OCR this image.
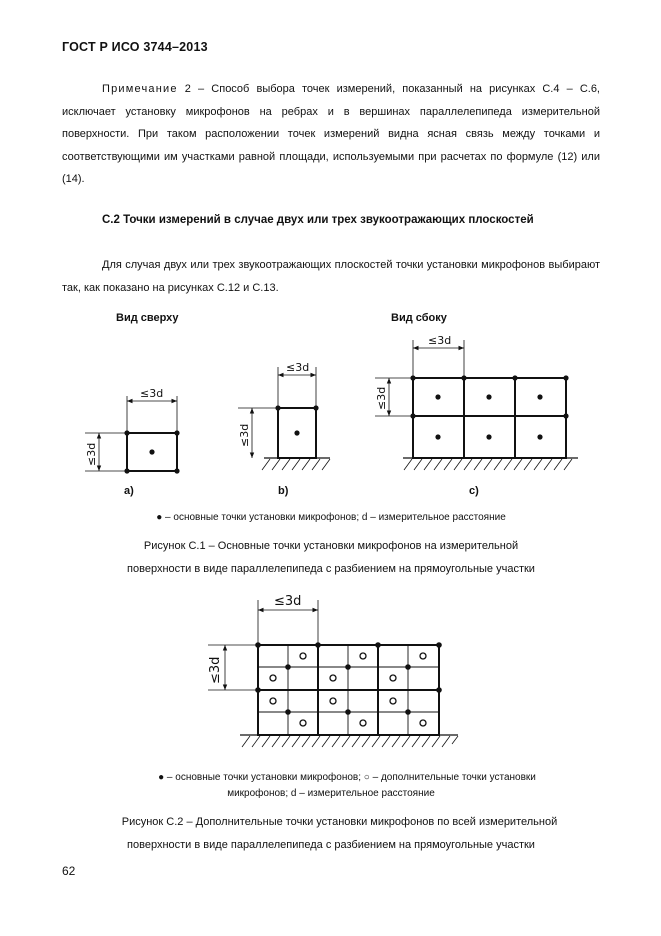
ГОСТ Р ИСО 3744–2013
Примечание 2 – Способ выбора точек измерений, показанный на рисунках С.4 – С.6, исключает установку микрофонов на ребрах и в вершинах параллелепипеда измерительной поверхности. При таком расположении точек измерений видна ясная связь между точками и соответствующими им участками равной площади, используемыми при расчетах по формуле (12) или (14).
С.2 Точки измерений в случае двух или трех звукоотражающих плоскостей
Для случая двух или трех звукоотражающих плоскостей точки установки микрофонов выбирают так, как показано на рисунках С.12 и С.13.
Вид сверху	Вид сбоку
≤3d
≤3d
≤3d
≤3d
≤3d
≤3d
а)	b)	c)
● – основные точки установки микрофонов; d – измерительное расстояние
Рисунок С.1 – Основные точки установки микрофонов на измерительной
поверхности в виде параллелепипеда с разбиением на прямоугольные участки
≤3d
≤3d
● – основные точки установки микрофонов; ○ – дополнительные точки установки
микрофонов; d – измерительное расстояние
Рисунок С.2 – Дополнительные точки установки микрофонов по всей измерительной
поверхности в виде параллелепипеда с разбиением на прямоугольные участки
62
